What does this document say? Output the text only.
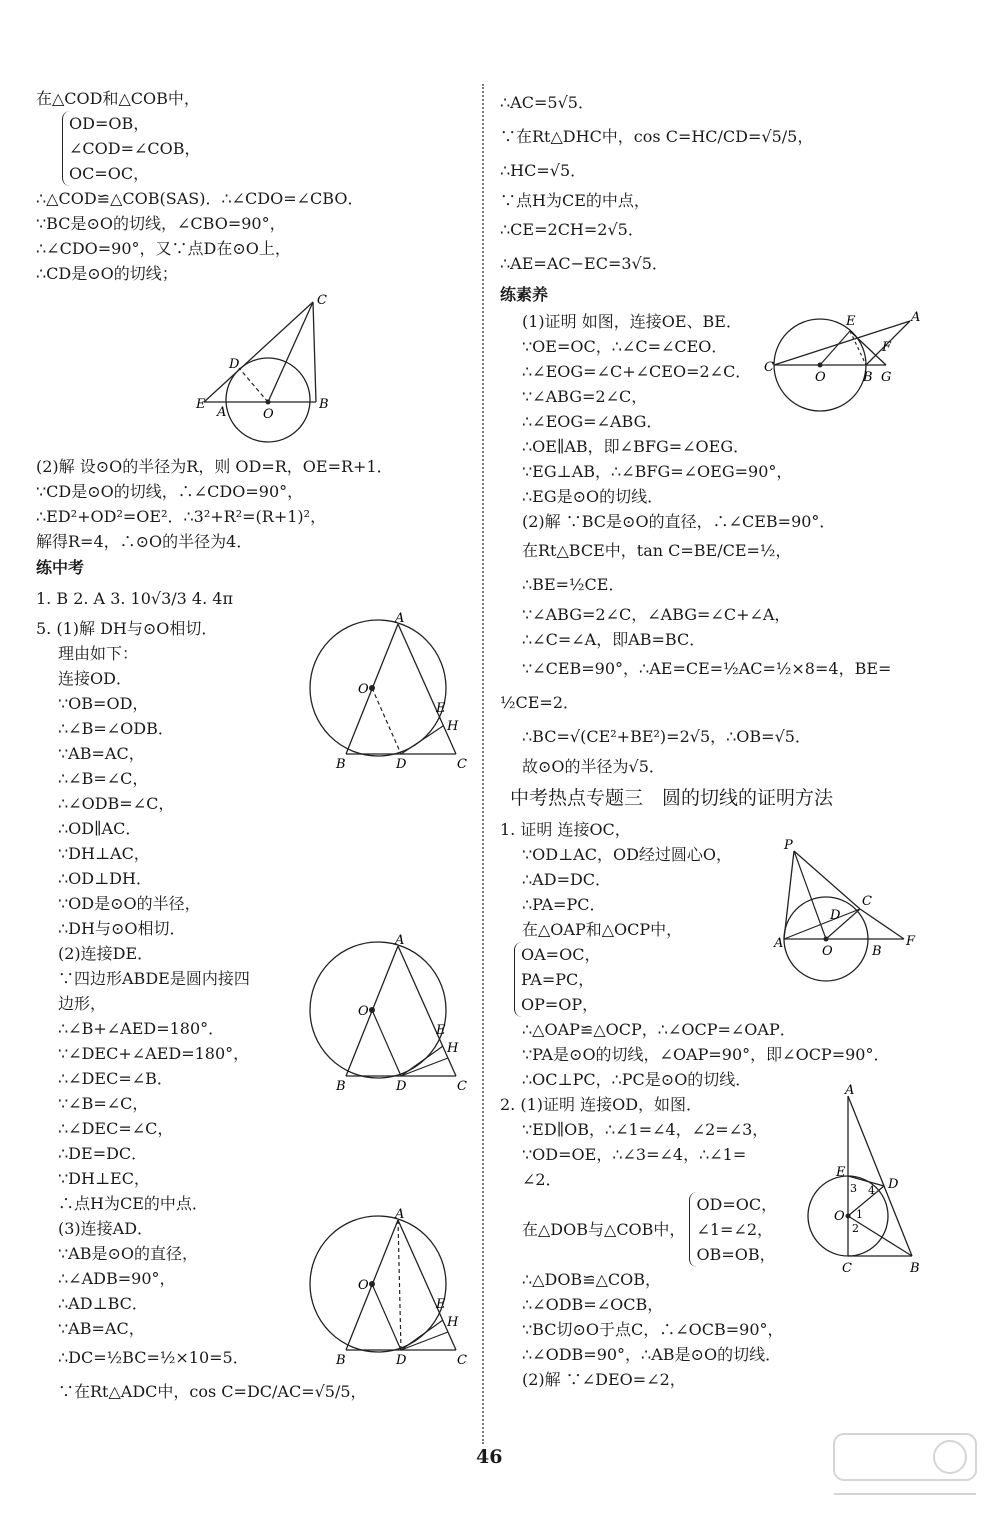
在△COD和△COB中，
OD=OB，
∠COD=∠COB，
OC=OC，
∴△COD≌△COB(SAS)．∴∠CDO=∠CBO．
∵BC是⊙O的切线，∠CBO=90°，
∴∠CDO=90°，又∵点D在⊙O上，
∴CD是⊙O的切线；
C
D
E
A	O
B
(2)解 设⊙O的半径为R，则 OD=R，OE=R+1．
∵CD是⊙O的切线，∴∠CDO=90°，
∴ED²+OD²=OE²．∴3²+R²=(R+1)²，
解得R=4，∴⊙O的半径为4．
练中考
1. B 2. A 3. 10√3/3 4. 4π
5. (1)解 DH与⊙O相切．
理由如下：
连接OD．
∵OB=OD，
∴∠B=∠ODB．
∵AB=AC，
∴∠B=∠C，
∴∠ODB=∠C，
∴OD∥AC．
∵DH⊥AC，
∴OD⊥DH．
∵OD是⊙O的半径，
∴DH与⊙O相切．
(2)连接DE．
∵四边形ABDE是圆内接四
边形，
∴∠B+∠AED=180°．
∵∠DEC+∠AED=180°，
∴∠DEC=∠B．
∵∠B=∠C，
∴∠DEC=∠C，
∴DE=DC．
∵DH⊥EC，
∴点H为CE的中点．
(3)连接AD．
∵AB是⊙O的直径，
∴∠ADB=90°，
∴AD⊥BC．
∵AB=AC，
∴DC=½BC=½×10=5．
∵在Rt△ADC中，cos C=DC/AC=√5/5，
A
O
E
H
B	D	C
A
O
E
H
B	D	C
A
O
E
H
B	D	C
∴AC=5√5．
∵在Rt△DHC中，cos C=HC/CD=√5/5，
∴HC=√5．
∵点H为CE的中点，
∴CE=2CH=2√5．
∴AE=AC−EC=3√5．
练素养
(1)证明 如图，连接OE、BE．
∵OE=OC，∴∠C=∠CEO．
∴∠EOG=∠C+∠CEO=2∠C．
∵∠ABG=2∠C，
∴∠EOG=∠ABG．
∴OE∥AB，即∠BFG=∠OEG．
∵EG⊥AB，∴∠BFG=∠OEG=90°，
∴EG是⊙O的切线．
(2)解 ∵BC是⊙O的直径，∴∠CEB=90°．
在Rt△BCE中，tan C=BE/CE=½，
∴BE=½CE．
∵∠ABG=2∠C，∠ABG=∠C+∠A，
∴∠C=∠A，即AB=BC．
∵∠CEB=90°，∴AE=CE=½AC=½×8=4，BE=
½CE=2．
∴BC=√(CE²+BE²)=2√5，∴OB=√5．
故⊙O的半径为√5．
E	A
F
C
O	B G
中考热点专题三　圆的切线的证明方法
1. 证明 连接OC，
∵OD⊥AC，OD经过圆心O，
∴AD=DC．
∴PA=PC．
在△OAP和△OCP中，
OA=OC，
PA=PC，
OP=OP，
∴△OAP≌△OCP，∴∠OCP=∠OAP．
∵PA是⊙O的切线，∠OAP=90°，即∠OCP=90°．
∴OC⊥PC，∴PC是⊙O的切线．
P
C
D
A
O	B
F
2. (1)证明 连接OD，如图．
∵ED∥OB，∴∠1=∠4，∠2=∠3，
∵OD=OE，∴∠3=∠4，∴∠1=
∠2．
在△DOB与△COB中，
OD=OC，
∠1=∠2，
OB=OB，
∴△DOB≌△COB，
∴∠ODB=∠OCB，
∵BC切⊙O于点C，∴∠OCB=90°，
∴∠ODB=90°，∴AB是⊙O的切线．
(2)解 ∵∠DEO=∠2，
A
E
D
3 4
O 1
2
C	B
46
